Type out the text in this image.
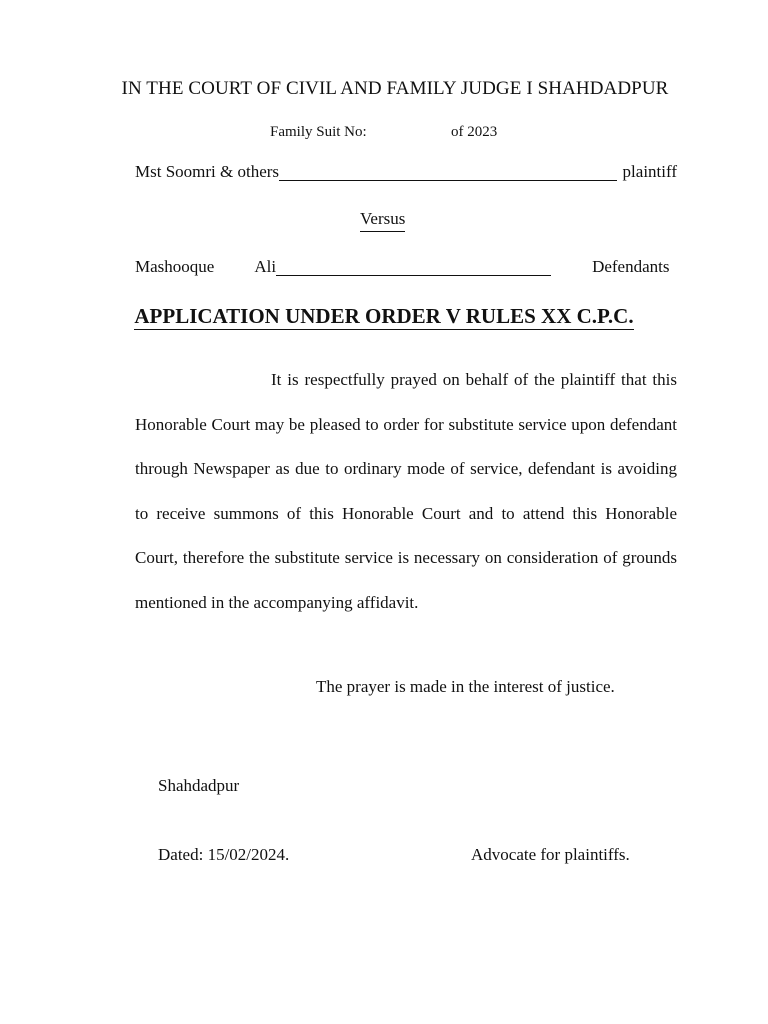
IN THE COURT OF CIVIL AND FAMILY JUDGE I SHAHDADPUR
Family Suit No:	of 2023
Mst Soomri & others	plaintiff
Versus
Mashooque Ali	Defendants
APPLICATION UNDER ORDER V RULES XX C.P.C.
It is respectfully prayed on behalf of the plaintiff that this Honorable Court may be pleased to order for substitute service upon defendant through Newspaper as due to ordinary mode of service, defendant is avoiding to receive summons of this Honorable Court and to attend this Honorable Court, therefore the substitute service is necessary on consideration of grounds mentioned in the accompanying affidavit.
The prayer is made in the interest of justice.
Shahdadpur
Dated: 15/02/2024.	Advocate for plaintiffs.
